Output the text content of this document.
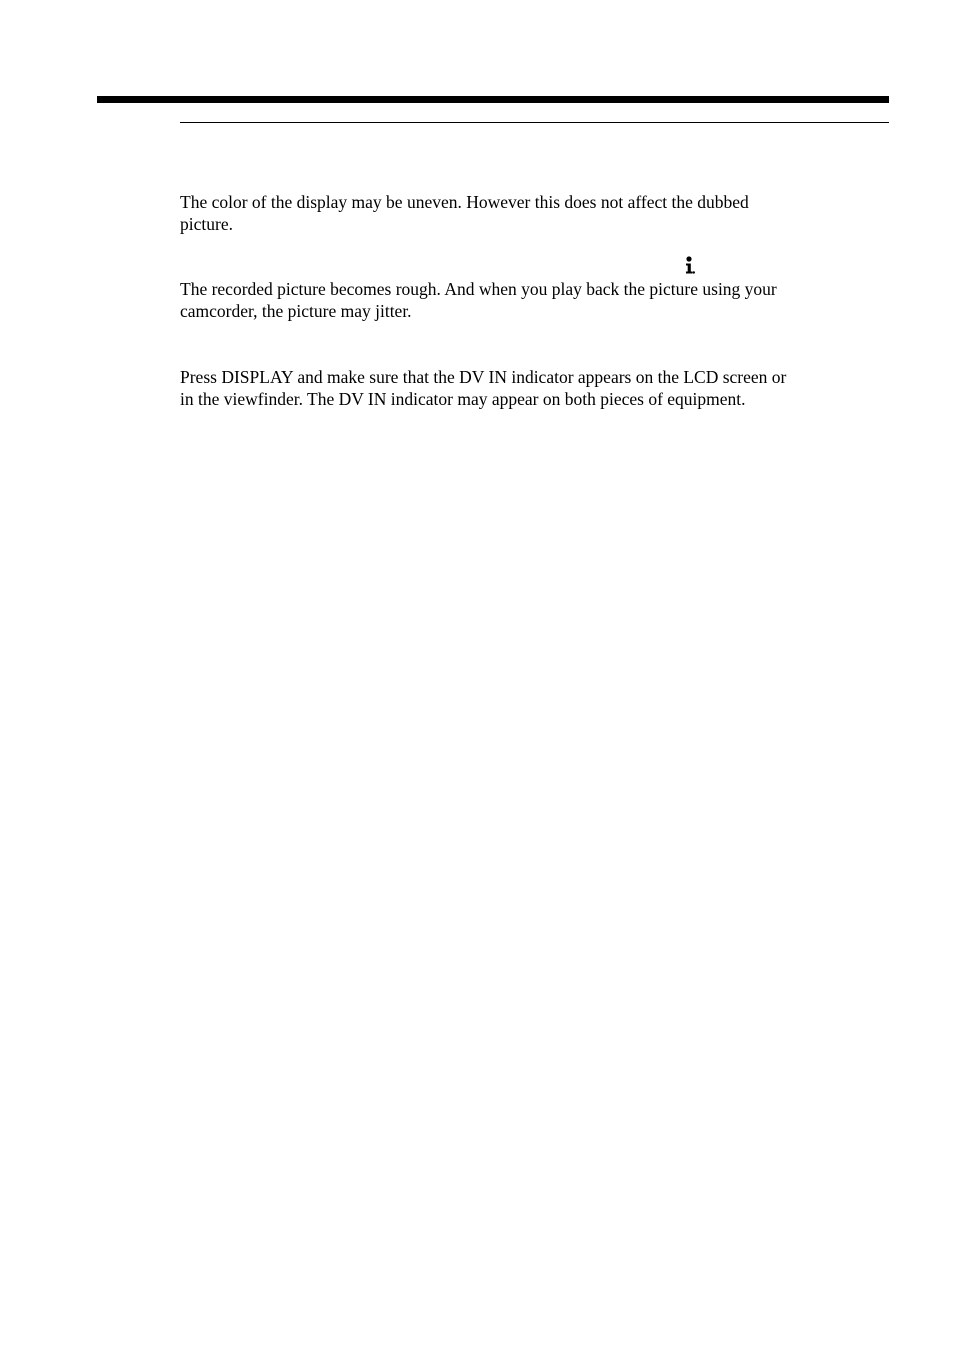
The color of the display may be uneven. However this does not affect the dubbed
picture.

The recorded picture becomes rough. And when you play back the picture using your
camcorder, the picture may jitter.

Press DISPLAY and make sure that the DV IN indicator appears on the LCD screen or
in the viewfinder. The DV IN indicator may appear on both pieces of equipment.
